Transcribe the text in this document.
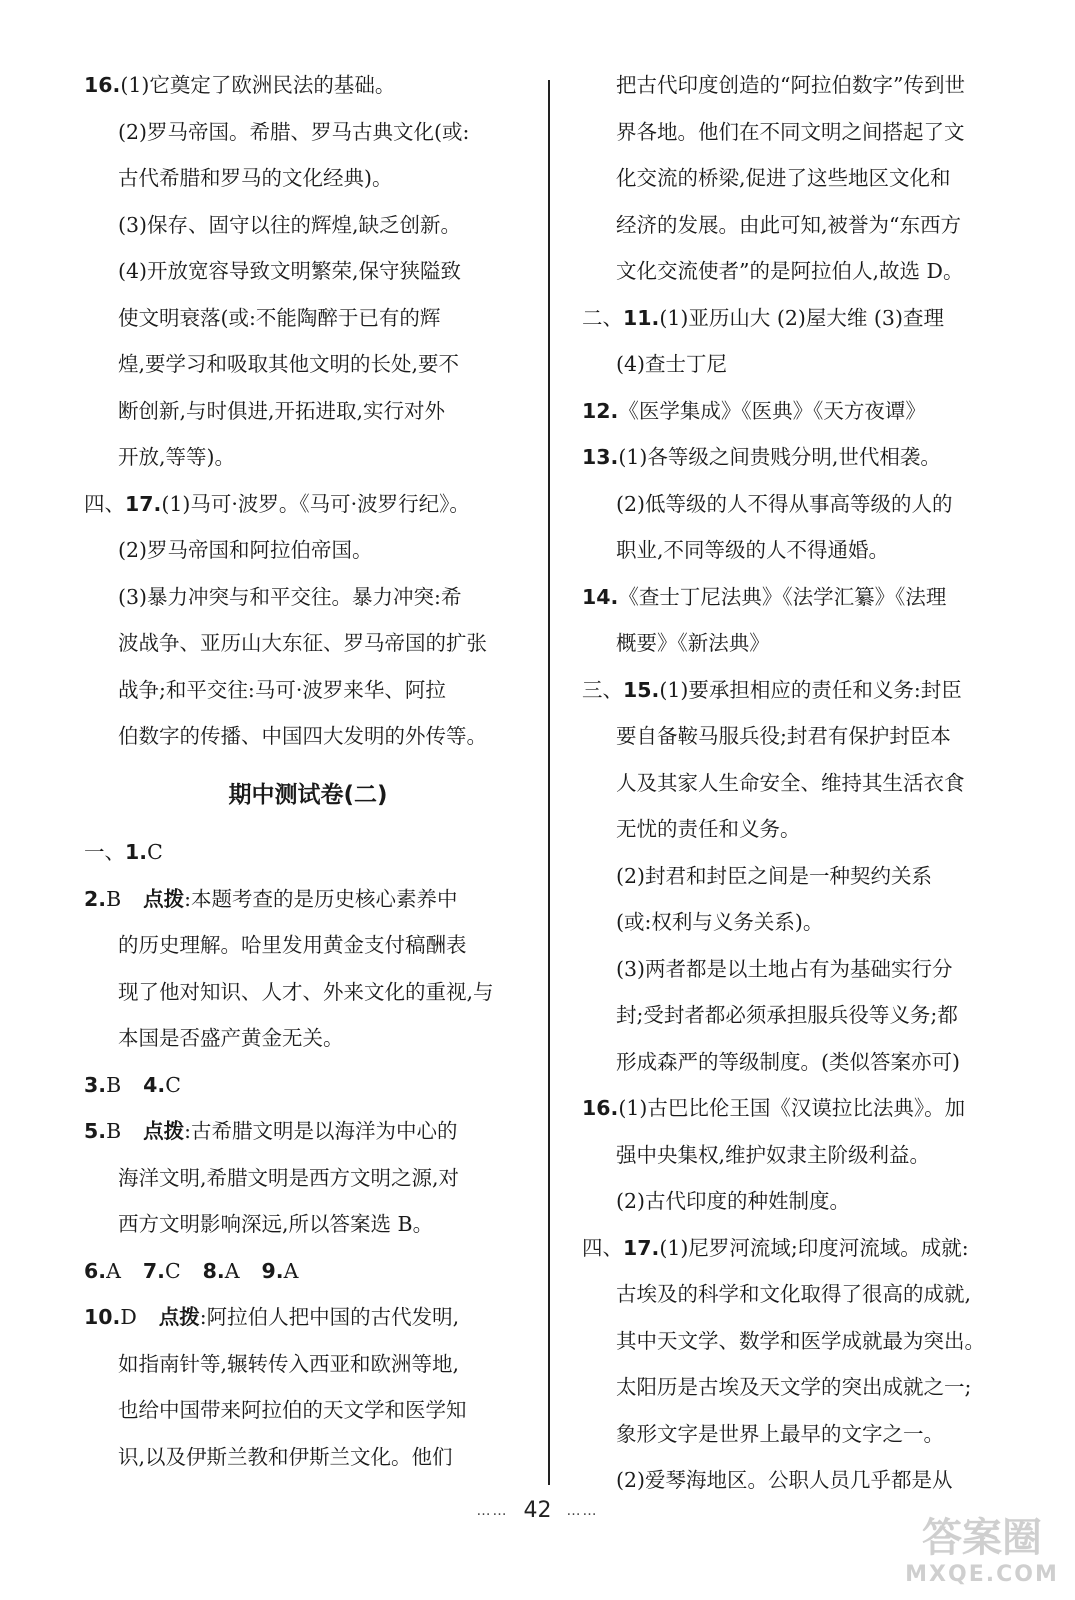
16.(1)它奠定了欧洲民法的基础。
(2)罗马帝国。希腊、罗马古典文化(或:
古代希腊和罗马的文化经典)。
(3)保存、固守以往的辉煌,缺乏创新。
(4)开放宽容导致文明繁荣,保守狭隘致
使文明衰落(或:不能陶醉于已有的辉
煌,要学习和吸取其他文明的长处,要不
断创新,与时俱进,开拓进取,实行对外
开放,等等)。
四、17.(1)马可·波罗。《马可·波罗行纪》。
(2)罗马帝国和阿拉伯帝国。
(3)暴力冲突与和平交往。暴力冲突:希
波战争、亚历山大东征、罗马帝国的扩张
战争;和平交往:马可·波罗来华、阿拉
伯数字的传播、中国四大发明的外传等。
期中测试卷(二)
一、1.C
2.B 点拨:本题考查的是历史核心素养中
的历史理解。哈里发用黄金支付稿酬表
现了他对知识、人才、外来文化的重视,与
本国是否盛产黄金无关。
3.B 4.C
5.B 点拨:古希腊文明是以海洋为中心的
海洋文明,希腊文明是西方文明之源,对
西方文明影响深远,所以答案选 B。
6.A 7.C 8.A 9.A
10.D 点拨:阿拉伯人把中国的古代发明,
如指南针等,辗转传入西亚和欧洲等地,
也给中国带来阿拉伯的天文学和医学知
识,以及伊斯兰教和伊斯兰文化。他们
把古代印度创造的“阿拉伯数字”传到世
界各地。他们在不同文明之间搭起了文
化交流的桥梁,促进了这些地区文化和
经济的发展。由此可知,被誉为“东西方
文化交流使者”的是阿拉伯人,故选 D。
二、11.(1)亚历山大 (2)屋大维 (3)查理
(4)查士丁尼
12.《医学集成》《医典》《天方夜谭》
13.(1)各等级之间贵贱分明,世代相袭。
(2)低等级的人不得从事高等级的人的
职业,不同等级的人不得通婚。
14.《查士丁尼法典》《法学汇纂》《法理
概要》《新法典》
三、15.(1)要承担相应的责任和义务:封臣
要自备鞍马服兵役;封君有保护封臣本
人及其家人生命安全、维持其生活衣食
无忧的责任和义务。
(2)封君和封臣之间是一种契约关系
(或:权利与义务关系)。
(3)两者都是以土地占有为基础实行分
封;受封者都必须承担服兵役等义务;都
形成森严的等级制度。(类似答案亦可)
16.(1)古巴比伦王国《汉谟拉比法典》。加
强中央集权,维护奴隶主阶级利益。
(2)古代印度的种姓制度。
四、17.(1)尼罗河流域;印度河流域。成就:
古埃及的科学和文化取得了很高的成就,
其中天文学、数学和医学成就最为突出。
太阳历是古埃及天文学的突出成就之一;
象形文字是世界上最早的文字之一。
(2)爱琴海地区。公职人员几乎都是从
…… 42 ……
答案圈
MXQE.COM
